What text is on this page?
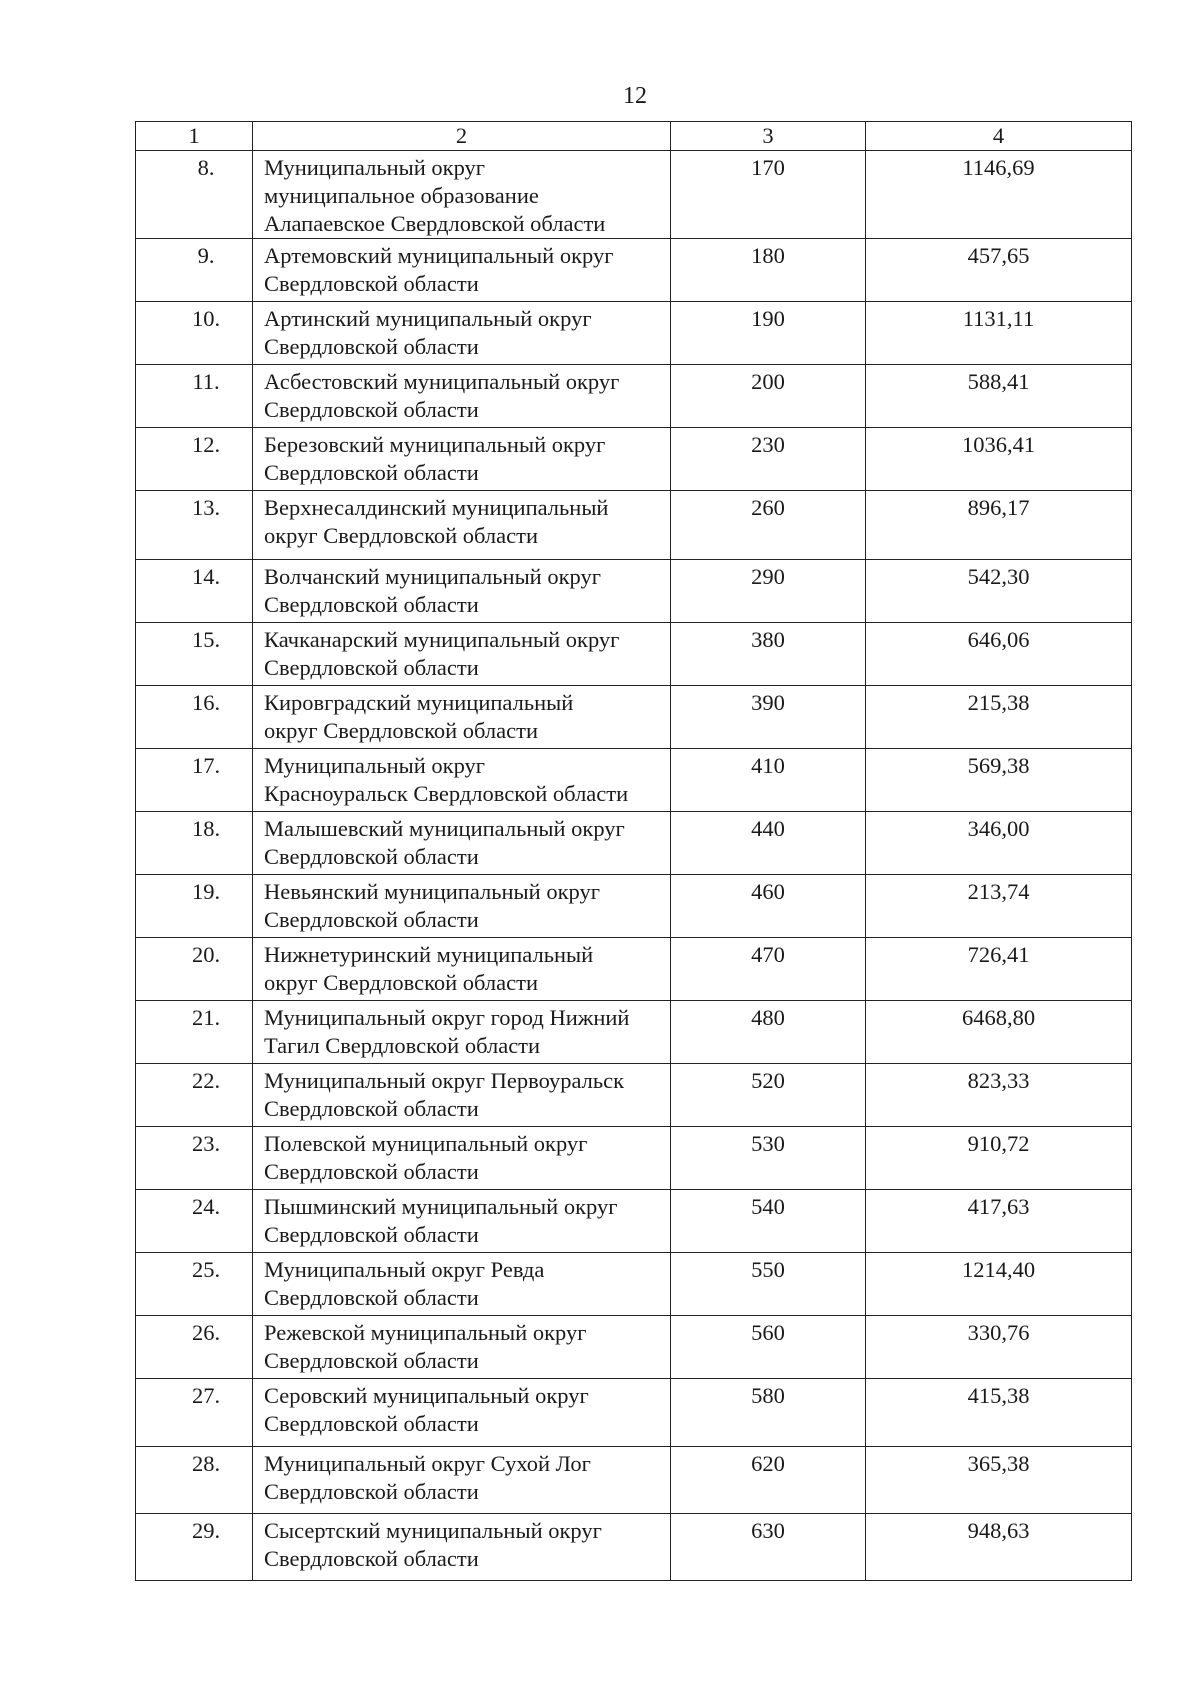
12
1	2	3	4
8.	Муниципальный округ
муниципальное образование
Алапаевское Свердловской области	170	1146,69
9.	Артемовский муниципальный округ
Свердловской области	180	457,65
10.	Артинский муниципальный округ
Свердловской области	190	1131,11
11.	Асбестовский муниципальный округ
Свердловской области	200	588,41
12.	Березовский муниципальный округ
Свердловской области	230	1036,41
13.	Верхнесалдинский муниципальный
округ Свердловской области	260	896,17
14.	Волчанский муниципальный округ
Свердловской области	290	542,30
15.	Качканарский муниципальный округ
Свердловской области	380	646,06
16.	Кировградский муниципальный
округ Свердловской области	390	215,38
17.	Муниципальный округ
Красноуральск Свердловской области	410	569,38
18.	Малышевский муниципальный округ
Свердловской области	440	346,00
19.	Невьянский муниципальный округ
Свердловской области	460	213,74
20.	Нижнетуринский муниципальный
округ Свердловской области	470	726,41
21.	Муниципальный округ город Нижний
Тагил Свердловской области	480	6468,80
22.	Муниципальный округ Первоуральск
Свердловской области	520	823,33
23.	Полевской муниципальный округ
Свердловской области	530	910,72
24.	Пышминский муниципальный округ
Свердловской области	540	417,63
25.	Муниципальный округ Ревда
Свердловской области	550	1214,40
26.	Режевской муниципальный округ
Свердловской области	560	330,76
27.	Серовский муниципальный округ
Свердловской области	580	415,38
28.	Муниципальный округ Сухой Лог
Свердловской области	620	365,38
29.	Сысертский муниципальный округ
Свердловской области	630	948,63
